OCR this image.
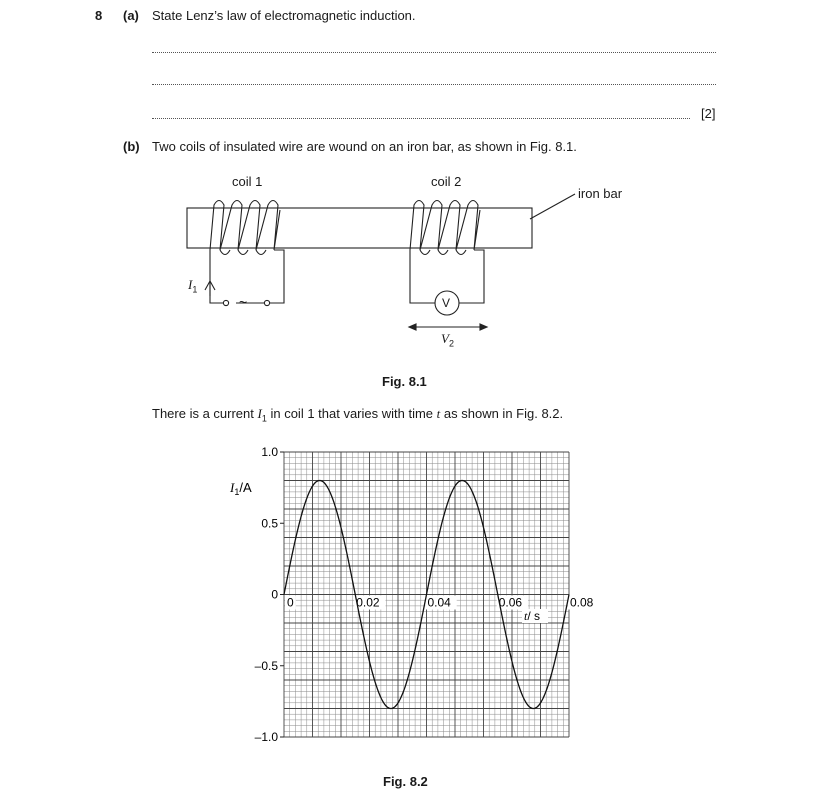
8 (a) State Lenz’s law of electromagnetic induction.
[2]
(b) Two coils of insulated wire are wound on an iron bar, as shown in Fig. 8.1.
coil 1	coil 2
iron bar
$I_1$
~	V
$V_2$
Fig. 8.1
There is a current $I_1$ in coil 1 that varies with time t as shown in Fig. 8.2.
1.0
0.5
0
–0.5
–1.0
0	0.02	0.04	0.06	0.08
$I_1/A$
t/ s
Fig. 8.2
